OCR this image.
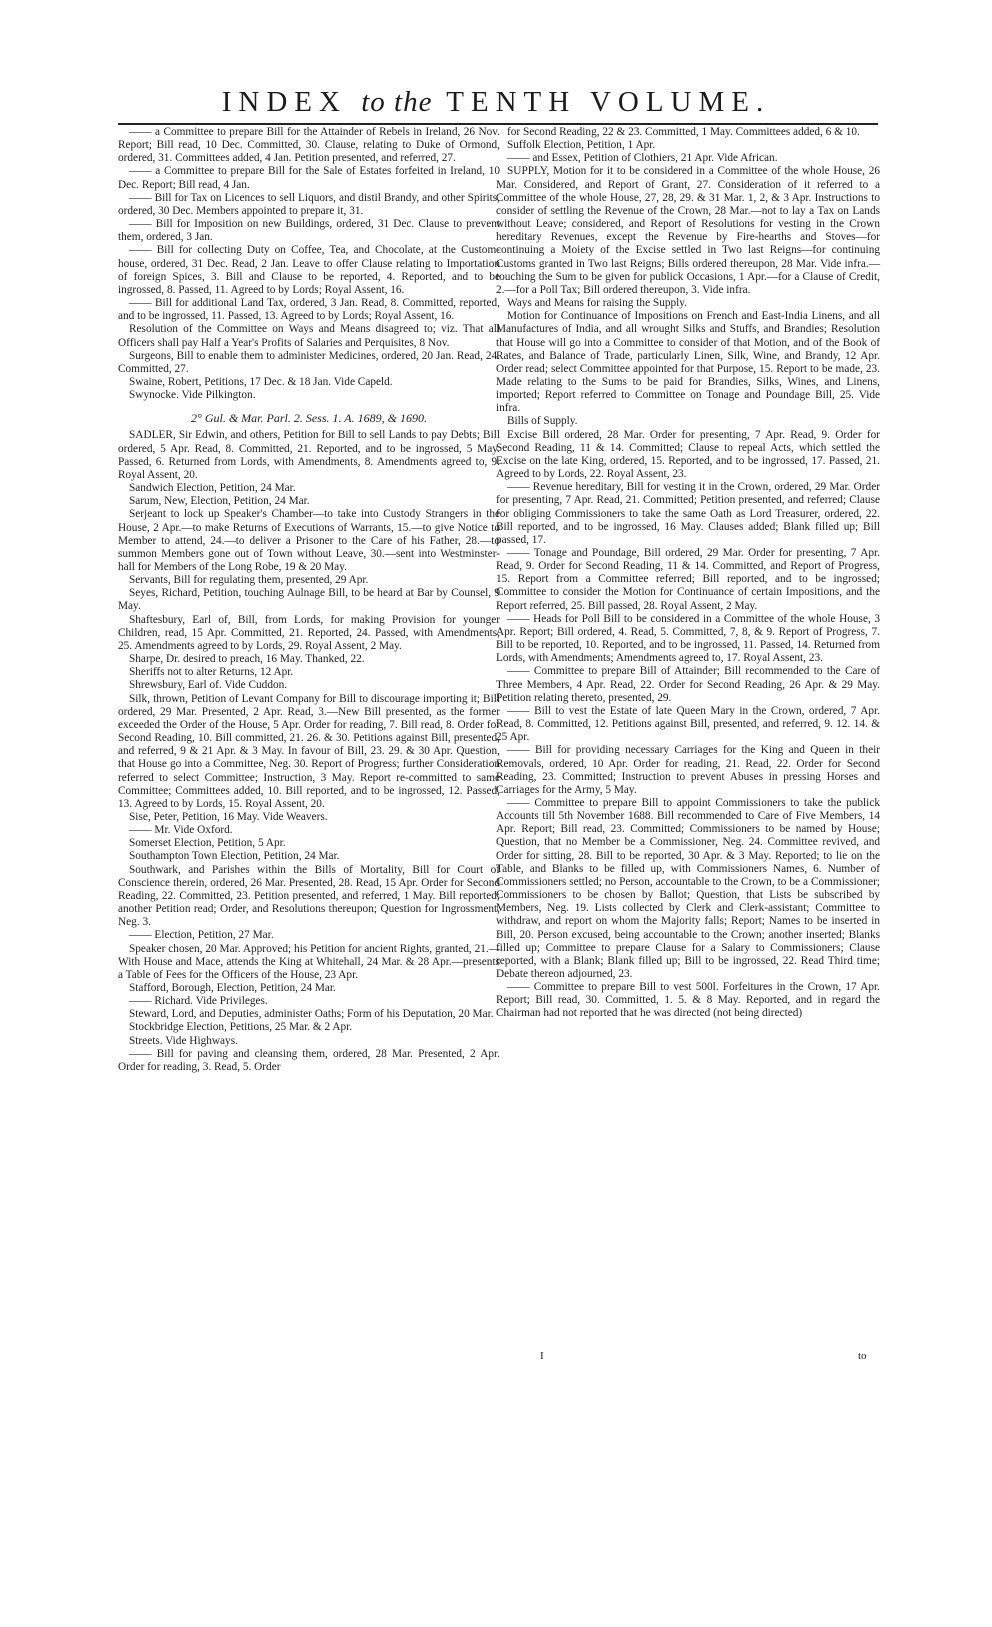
INDEX to the TENTH VOLUME.

—— a Committee to prepare Bill for the Attainder of Rebels in Ireland, 26 Nov. Report; Bill read, 10 Dec. Committed, 30. Clause, relating to Duke of Ormond, ordered, 31. Committees added, 4 Jan. Petition presented, and referred, 27.

—— a Committee to prepare Bill for the Sale of Estates forfeited in Ireland, 10 Dec. Report; Bill read, 4 Jan.

—— Bill for Tax on Licences to sell Liquors, and distil Brandy, and other Spirits, ordered, 30 Dec. Members appointed to prepare it, 31.

—— Bill for Imposition on new Buildings, ordered, 31 Dec. Clause to prevent them, ordered, 3 Jan.

—— Bill for collecting Duty on Coffee, Tea, and Chocolate, at the Custom-house, ordered, 31 Dec. Read, 2 Jan. Leave to offer Clause relating to Importation of foreign Spices, 3. Bill and Clause to be reported, 4. Reported, and to be ingrossed, 8. Passed, 11. Agreed to by Lords; Royal Assent, 16.

—— Bill for additional Land Tax, ordered, 3 Jan. Read, 8. Committed, reported, and to be ingrossed, 11. Passed, 13. Agreed to by Lords; Royal Assent, 16.

Resolution of the Committee on Ways and Means disagreed to; viz. That all Officers shall pay Half a Year's Profits of Salaries and Perquisites, 8 Nov.

Surgeons, Bill to enable them to administer Medicines, ordered, 20 Jan. Read, 24. Committed, 27.

Swaine, Robert, Petitions, 17 Dec. & 18 Jan. Vide Capeld.

Swynocke. Vide Pilkington.

2° Gul. & Mar. Parl. 2. Sess. 1. A. 1689, & 1690.

SADLER, Sir Edwin, and others, Petition for Bill to sell Lands to pay Debts; Bill ordered, 5 Apr. Read, 8. Committed, 21. Reported, and to be ingrossed, 5 May. Passed, 6. Returned from Lords, with Amendments, 8. Amendments agreed to, 9. Royal Assent, 20.

Sandwich Election, Petition, 24 Mar.

Sarum, New, Election, Petition, 24 Mar.

Serjeant to lock up Speaker's Chamber—to take into Custody Strangers in the House, 2 Apr.—to make Returns of Executions of Warrants, 15.—to give Notice to Member to attend, 24.—to deliver a Prisoner to the Care of his Father, 28.—to summon Members gone out of Town without Leave, 30.—sent into Westminster-hall for Members of the Long Robe, 19 & 20 May.

Servants, Bill for regulating them, presented, 29 Apr.

Seyes, Richard, Petition, touching Aulnage Bill, to be heard at Bar by Counsel, 9 May.

Shaftesbury, Earl of, Bill, from Lords, for making Provision for younger Children, read, 15 Apr. Committed, 21. Reported, 24. Passed, with Amendments, 25. Amendments agreed to by Lords, 29. Royal Assent, 2 May.

Sharpe, Dr. desired to preach, 16 May. Thanked, 22.

Sheriffs not to alter Returns, 12 Apr.

Shrewsbury, Earl of. Vide Cuddon.

Silk, thrown, Petition of Levant Company for Bill to discourage importing it; Bill ordered, 29 Mar. Presented, 2 Apr. Read, 3.—New Bill presented, as the former exceeded the Order of the House, 5 Apr. Order for reading, 7. Bill read, 8. Order for Second Reading, 10. Bill committed, 21. 26. & 30. Petitions against Bill, presented, and referred, 9 & 21 Apr. & 3 May. In favour of Bill, 23. 29. & 30 Apr. Question, that House go into a Committee, Neg. 30. Report of Progress; further Consideration referred to select Committee; Instruction, 3 May. Report re-committed to same Committee; Committees added, 10. Bill reported, and to be ingrossed, 12. Passed, 13. Agreed to by Lords, 15. Royal Assent, 20.

Sise, Peter, Petition, 16 May. Vide Weavers.

—— Mr. Vide Oxford.

Somerset Election, Petition, 5 Apr.

Southampton Town Election, Petition, 24 Mar.

Southwark, and Parishes within the Bills of Mortality, Bill for Court of Conscience therein, ordered, 26 Mar. Presented, 28. Read, 15 Apr. Order for Second Reading, 22. Committed, 23. Petition presented, and referred, 1 May. Bill reported; another Petition read; Order, and Resolutions thereupon; Question for Ingrossment, Neg. 3.

—— Election, Petition, 27 Mar.

Speaker chosen, 20 Mar. Approved; his Petition for ancient Rights, granted, 21.—With House and Mace, attends the King at Whitehall, 24 Mar. & 28 Apr.—presents a Table of Fees for the Officers of the House, 23 Apr.

Stafford, Borough, Election, Petition, 24 Mar.

—— Richard. Vide Privileges.

Steward, Lord, and Deputies, administer Oaths; Form of his Deputation, 20 Mar.

Stockbridge Election, Petitions, 25 Mar. & 2 Apr.

Streets. Vide Highways.

—— Bill for paving and cleansing them, ordered, 28 Mar. Presented, 2 Apr. Order for reading, 3. Read, 5. Order

for Second Reading, 22 & 23. Committed, 1 May. Committees added, 6 & 10.

Suffolk Election, Petition, 1 Apr.

—— and Essex, Petition of Clothiers, 21 Apr. Vide African.

SUPPLY, Motion for it to be considered in a Committee of the whole House, 26 Mar. Considered, and Report of Grant, 27. Consideration of it referred to a Committee of the whole House, 27, 28, 29. & 31 Mar. 1, 2, & 3 Apr. Instructions to consider of settling the Revenue of the Crown, 28 Mar.—not to lay a Tax on Lands without Leave; considered, and Report of Resolutions for vesting in the Crown hereditary Revenues, except the Revenue by Fire-hearths and Stoves—for continuing a Moiety of the Excise settled in Two last Reigns—for continuing Customs granted in Two last Reigns; Bills ordered thereupon, 28 Mar. Vide infra.—touching the Sum to be given for publick Occasions, 1 Apr.—for a Clause of Credit, 2.—for a Poll Tax; Bill ordered thereupon, 3. Vide infra.

Ways and Means for raising the Supply.

Motion for Continuance of Impositions on French and East-India Linens, and all Manufactures of India, and all wrought Silks and Stuffs, and Brandies; Resolution that House will go into a Committee to consider of that Motion, and of the Book of Rates, and Balance of Trade, particularly Linen, Silk, Wine, and Brandy, 12 Apr. Order read; select Committee appointed for that Purpose, 15. Report to be made, 23. Made relating to the Sums to be paid for Brandies, Silks, Wines, and Linens, imported; Report referred to Committee on Tonage and Poundage Bill, 25. Vide infra.

Bills of Supply.

Excise Bill ordered, 28 Mar. Order for presenting, 7 Apr. Read, 9. Order for Second Reading, 11 & 14. Committed; Clause to repeal Acts, which settled the Excise on the late King, ordered, 15. Reported, and to be ingrossed, 17. Passed, 21. Agreed to by Lords, 22. Royal Assent, 23.

—— Revenue hereditary, Bill for vesting it in the Crown, ordered, 29 Mar. Order for presenting, 7 Apr. Read, 21. Committed; Petition presented, and referred; Clause for obliging Commissioners to take the same Oath as Lord Treasurer, ordered, 22. Bill reported, and to be ingrossed, 16 May. Clauses added; Blank filled up; Bill passed, 17.

—— Tonage and Poundage, Bill ordered, 29 Mar. Order for presenting, 7 Apr. Read, 9. Order for Second Reading, 11 & 14. Committed, and Report of Progress, 15. Report from a Committee referred; Bill reported, and to be ingrossed; Committee to consider the Motion for Continuance of certain Impositions, and the Report referred, 25. Bill passed, 28. Royal Assent, 2 May.

—— Heads for Poll Bill to be considered in a Committee of the whole House, 3 Apr. Report; Bill ordered, 4. Read, 5. Committed, 7, 8, & 9. Report of Progress, 7. Bill to be reported, 10. Reported, and to be ingrossed, 11. Passed, 14. Returned from Lords, with Amendments; Amendments agreed to, 17. Royal Assent, 23.

—— Committee to prepare Bill of Attainder; Bill recommended to the Care of Three Members, 4 Apr. Read, 22. Order for Second Reading, 26 Apr. & 29 May. Petition relating thereto, presented, 29.

—— Bill to vest the Estate of late Queen Mary in the Crown, ordered, 7 Apr. Read, 8. Committed, 12. Petitions against Bill, presented, and referred, 9. 12. 14. & 25 Apr.

—— Bill for providing necessary Carriages for the King and Queen in their Removals, ordered, 10 Apr. Order for reading, 21. Read, 22. Order for Second Reading, 23. Committed; Instruction to prevent Abuses in pressing Horses and Carriages for the Army, 5 May.

—— Committee to prepare Bill to appoint Commissioners to take the publick Accounts till 5th November 1688. Bill recommended to Care of Five Members, 14 Apr. Report; Bill read, 23. Committed; Commissioners to be named by House; Question, that no Member be a Commissioner, Neg. 24. Committee revived, and Order for sitting, 28. Bill to be reported, 30 Apr. & 3 May. Reported; to lie on the Table, and Blanks to be filled up, with Commissioners Names, 6. Number of Commissioners settled; no Person, accountable to the Crown, to be a Commissioner; Commissioners to be chosen by Ballot; Question, that Lists be subscribed by Members, Neg. 19. Lists collected by Clerk and Clerk-assistant; Committee to withdraw, and report on whom the Majority falls; Report; Names to be inserted in Bill, 20. Person excused, being accountable to the Crown; another inserted; Blanks filled up; Committee to prepare Clause for a Salary to Commissioners; Clause reported, with a Blank; Blank filled up; Bill to be ingrossed, 22. Read Third time; Debate thereon adjourned, 23.

—— Committee to prepare Bill to vest 500l. Forfeitures in the Crown, 17 Apr. Report; Bill read, 30. Committed, 1. 5. & 8 May. Reported, and in regard the Chairman had not reported that he was directed (not being directed)

I	to
